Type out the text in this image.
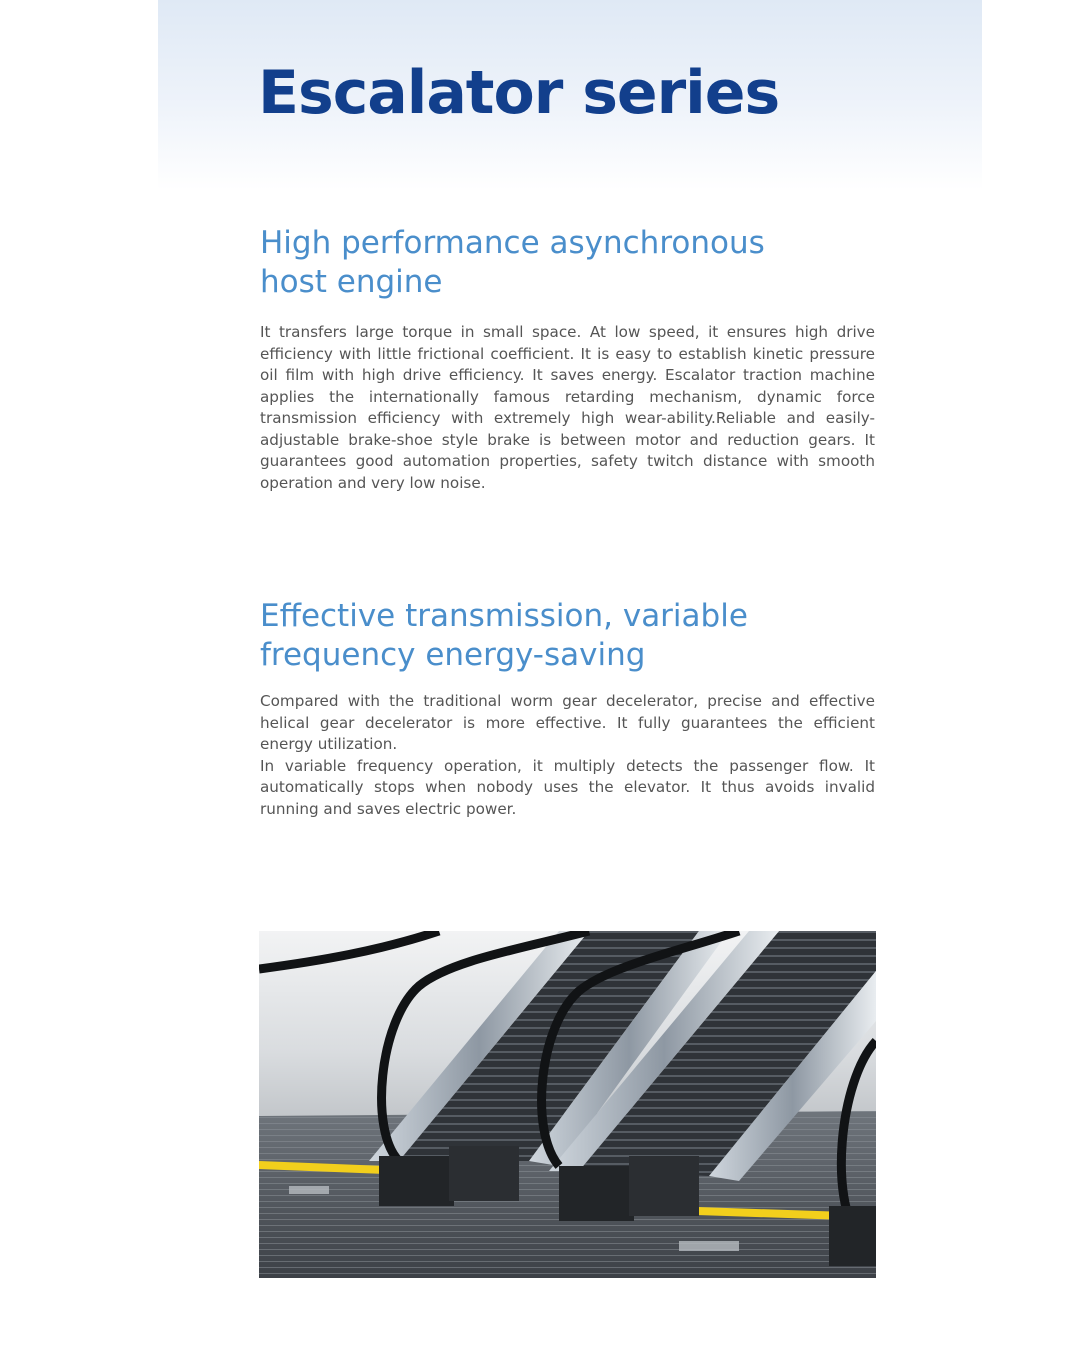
Escalator series
High performance asynchronous
host engine

It transfers large torque in small space. At low speed, it ensures high drive efficiency with little frictional coefficient. It is easy to establish kinetic pressure oil film with high drive efficiency. It saves energy. Escalator traction machine applies the internationally famous retarding mechanism, dynamic force transmission efficiency with extremely high wear-ability.Reliable and easily-adjustable brake-shoe style brake is between motor and reduction gears. It guarantees good automation properties, safety twitch distance with smooth operation and very low noise.

Effective transmission, variable
frequency energy-saving

Compared with the traditional worm gear decelerator, precise and effective helical gear decelerator is more effective. It fully guarantees the efficient energy utilization.

In variable frequency operation, it multiply detects the passenger flow. It automatically stops when nobody uses the elevator. It thus avoids invalid running and saves electric power.
